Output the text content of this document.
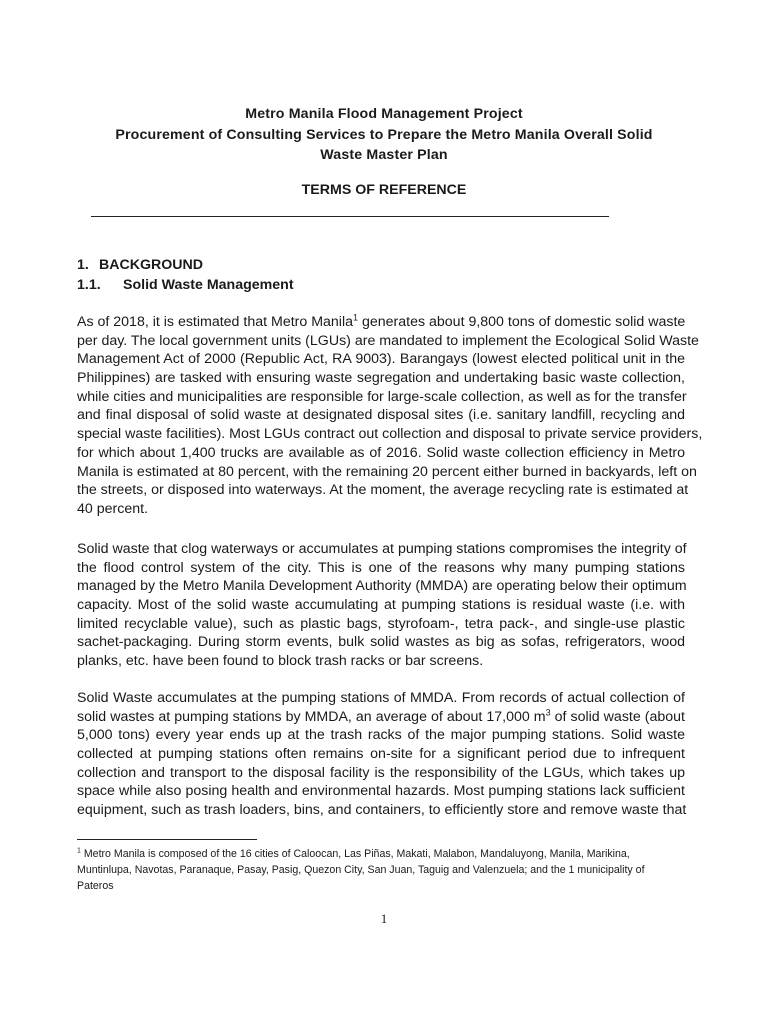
Metro Manila Flood Management Project
Procurement of Consulting Services to Prepare the Metro Manila Overall Solid
Waste Master Plan
TERMS OF REFERENCE
1. BACKGROUND
1.1. Solid Waste Management
As of 2018, it is estimated that Metro Manila$^1$ generates about 9,800 tons of domestic solid waste
per day. The local government units (LGUs) are mandated to implement the Ecological Solid Waste
Management Act of 2000 (Republic Act, RA 9003). Barangays (lowest elected political unit in the
Philippines) are tasked with ensuring waste segregation and undertaking basic waste collection,
while cities and municipalities are responsible for large-scale collection, as well as for the transfer
and final disposal of solid waste at designated disposal sites (i.e. sanitary landfill, recycling and
special waste facilities). Most LGUs contract out collection and disposal to private service providers,
for which about 1,400 trucks are available as of 2016. Solid waste collection efficiency in Metro
Manila is estimated at 80 percent, with the remaining 20 percent either burned in backyards, left on
the streets, or disposed into waterways. At the moment, the average recycling rate is estimated at
40 percent.
Solid waste that clog waterways or accumulates at pumping stations compromises the integrity of
the flood control system of the city. This is one of the reasons why many pumping stations
managed by the Metro Manila Development Authority (MMDA) are operating below their optimum
capacity. Most of the solid waste accumulating at pumping stations is residual waste (i.e. with
limited recyclable value), such as plastic bags, styrofoam-, tetra pack-, and single-use plastic
sachet-packaging. During storm events, bulk solid wastes as big as sofas, refrigerators, wood
planks, etc. have been found to block trash racks or bar screens.
Solid Waste accumulates at the pumping stations of MMDA. From records of actual collection of
solid wastes at pumping stations by MMDA, an average of about 17,000 $m^3$ of solid waste (about
5,000 tons) every year ends up at the trash racks of the major pumping stations. Solid waste
collected at pumping stations often remains on-site for a significant period due to infrequent
collection and transport to the disposal facility is the responsibility of the LGUs, which takes up
space while also posing health and environmental hazards. Most pumping stations lack sufficient
equipment, such as trash loaders, bins, and containers, to efficiently store and remove waste that
$^1$ Metro Manila is composed of the 16 cities of Caloocan, Las Piñas, Makati, Malabon, Mandaluyong, Manila, Marikina,
Muntinlupa, Navotas, Paranaque, Pasay, Pasig, Quezon City, San Juan, Taguig and Valenzuela; and the 1 municipality of
Pateros
1
